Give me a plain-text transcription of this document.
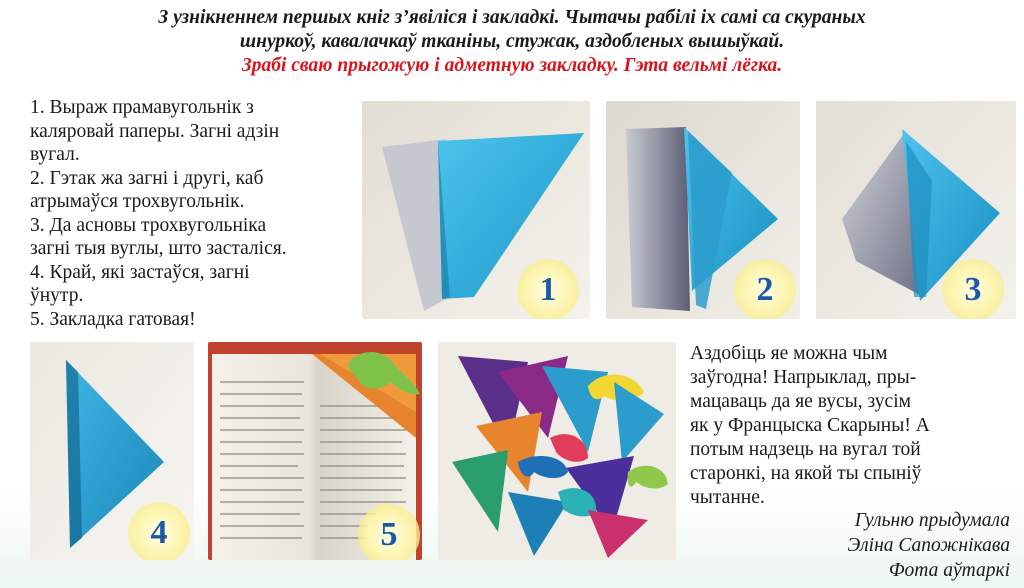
З узнікненнем першых кніг з’явіліся і закладкі. Чытачы рабілі іх самі са скураных
шнуркоў, кавалачкаў тканіны, стужак, аздобленых вышыўкай.
Зрабі сваю прыгожую і адметную закладку. Гэта вельмі лёгка.
1. Выраж прамавугольнік з
каляровай паперы. Загні адзін
вугал.
2. Гэтак жа загні і другі, каб
атрымаўся трохвугольнік.
3. Да асновы трохвугольніка
загні тыя вуглы, што засталіся.
4. Край, які застаўся, загні
ўнутр.
5. Закладка гатовая!
1	2	3
4	5
Аздобіць яе можна чым
заўгодна! Напрыклад, пры-
мацаваць да яе вусы, зусім
як у Францыска Скарыны! А
потым надзець на вугал той
старонкі, на якой ты спыніў
чытанне.
Гульню прыдумала
Эліна Сапожнікава
Фота аўтаркі
